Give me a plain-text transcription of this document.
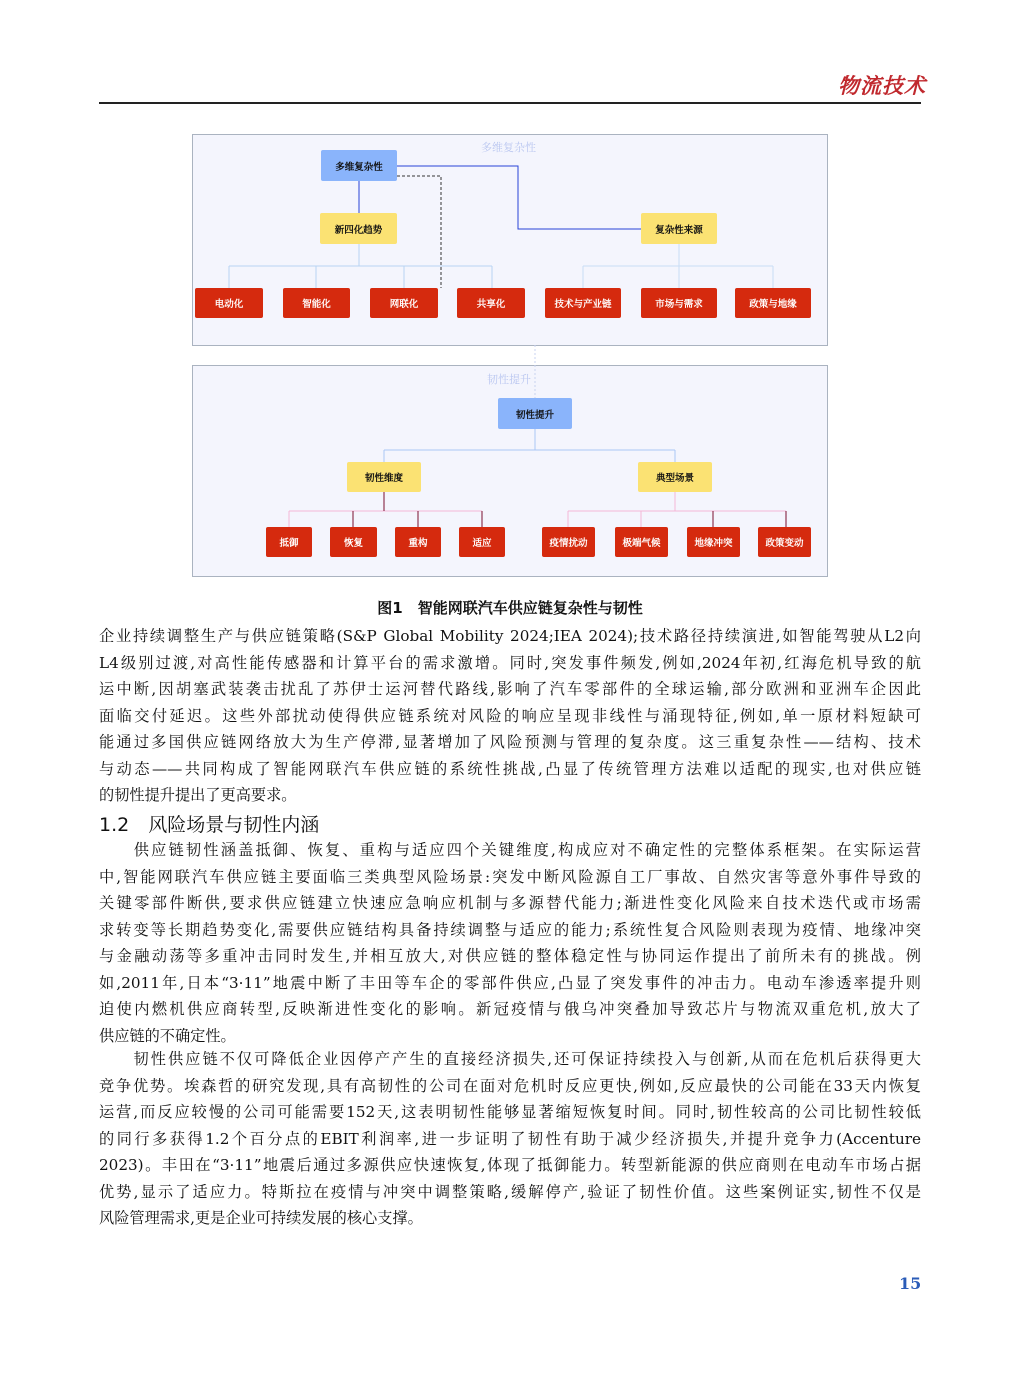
物流技术
多维复杂性
多维复杂性
新四化趋势	复杂性来源
电动化	智能化	网联化	共享化	技术与产业链	市场与需求	政策与地缘
韧性提升
韧性提升
韧性维度	典型场景
抵御	恢复	重构	适应	疫情扰动	极端气候	地缘冲突	政策变动
图1　智能网联汽车供应链复杂性与韧性
企业持续调整生产与供应链策略(S&P Global Mobility 2024;IEA 2024);技术路径持续演进,如智能驾驶从L2向
L4级别过渡,对高性能传感器和计算平台的需求激增。同时,突发事件频发,例如,2024年初,红海危机导致的航
运中断,因胡塞武装袭击扰乱了苏伊士运河替代路线,影响了汽车零部件的全球运输,部分欧洲和亚洲车企因此
面临交付延迟。这些外部扰动使得供应链系统对风险的响应呈现非线性与涌现特征,例如,单一原材料短缺可
能通过多国供应链网络放大为生产停滞,显著增加了风险预测与管理的复杂度。这三重复杂性——结构、技术
与动态——共同构成了智能网联汽车供应链的系统性挑战,凸显了传统管理方法难以适配的现实,也对供应链
的韧性提升提出了更高要求。
1.2　风险场景与韧性内涵
　　供应链韧性涵盖抵御、恢复、重构与适应四个关键维度,构成应对不确定性的完整体系框架。在实际运营
中,智能网联汽车供应链主要面临三类典型风险场景:突发中断风险源自工厂事故、自然灾害等意外事件导致的
关键零部件断供,要求供应链建立快速应急响应机制与多源替代能力;渐进性变化风险来自技术迭代或市场需
求转变等长期趋势变化,需要供应链结构具备持续调整与适应的能力;系统性复合风险则表现为疫情、地缘冲突
与金融动荡等多重冲击同时发生,并相互放大,对供应链的整体稳定性与协同运作提出了前所未有的挑战。例
如,2011年,日本“3·11”地震中断了丰田等车企的零部件供应,凸显了突发事件的冲击力。电动车渗透率提升则
迫使内燃机供应商转型,反映渐进性变化的影响。新冠疫情与俄乌冲突叠加导致芯片与物流双重危机,放大了
供应链的不确定性。
　　韧性供应链不仅可降低企业因停产产生的直接经济损失,还可保证持续投入与创新,从而在危机后获得更大
竞争优势。埃森哲的研究发现,具有高韧性的公司在面对危机时反应更快,例如,反应最快的公司能在33天内恢复
运营,而反应较慢的公司可能需要152天,这表明韧性能够显著缩短恢复时间。同时,韧性较高的公司比韧性较低
的同行多获得1.2个百分点的EBIT利润率,进一步证明了韧性有助于减少经济损失,并提升竞争力(Accenture
2023)。丰田在“3·11”地震后通过多源供应快速恢复,体现了抵御能力。转型新能源的供应商则在电动车市场占据
优势,显示了适应力。特斯拉在疫情与冲突中调整策略,缓解停产,验证了韧性价值。这些案例证实,韧性不仅是
风险管理需求,更是企业可持续发展的核心支撑。
15
